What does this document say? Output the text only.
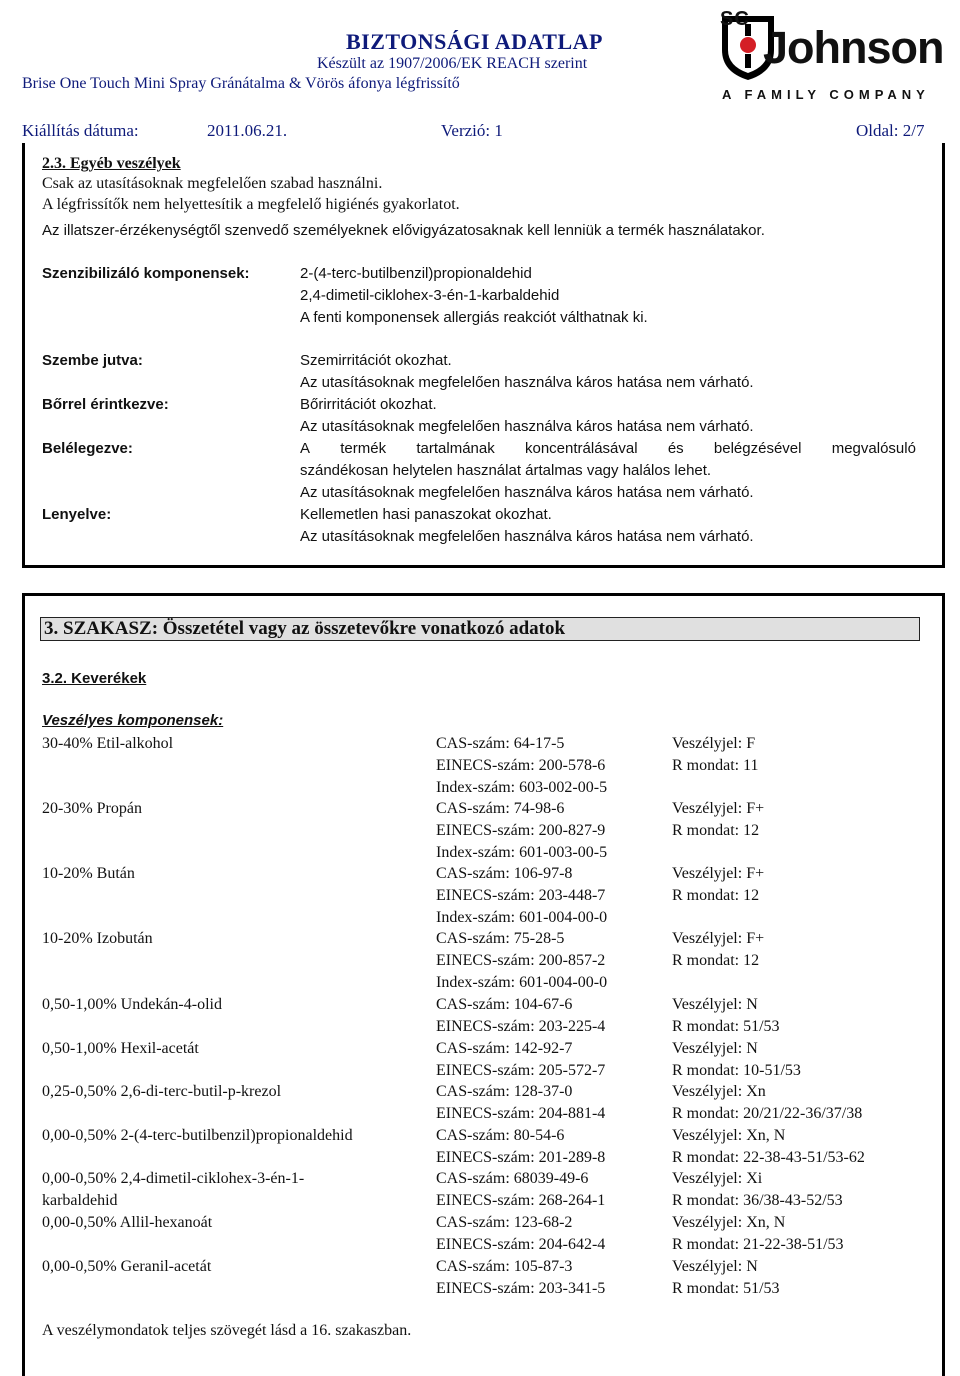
BIZTONSÁGI ADATLAP
Készült az 1907/2006/EK REACH szerint
Brise One Touch Mini Spray Gránátalma & Vörös áfonya légfrissítő
Kiállítás dátuma:	2011.06.21.	Verzió: 1	Oldal: 2/7
SC
Johnson
A FAMILY COMPANY
2.3. Egyéb veszélyek
Csak az utasításoknak megfelelően szabad használni.
A légfrissítők nem helyettesítik a megfelelő higiénés gyakorlatot.
Az illatszer-érzékenységtől szenvedő személyeknek elővigyázatosaknak kell lenniük a termék használatakor.
Szenzibilizáló komponensek:	2-(4-terc-butilbenzil)propionaldehid
2,4-dimetil-ciklohex-3-én-1-karbaldehid
A fenti komponensek allergiás reakciót válthatnak ki.
Szembe jutva:	Szemirritációt okozhat.
Az utasításoknak megfelelően használva káros hatása nem várható.
Bőrrel érintkezve:	Bőrirritációt okozhat.
Az utasításoknak megfelelően használva káros hatása nem várható.
Belélegezve:	A termék tartalmának koncentrálásával és belégzésével megvalósuló
szándékosan helytelen használat ártalmas vagy halálos lehet.
Az utasításoknak megfelelően használva káros hatása nem várható.
Lenyelve:	Kellemetlen hasi panaszokat okozhat.
Az utasításoknak megfelelően használva káros hatása nem várható.
3. SZAKASZ: Összetétel vagy az összetevőkre vonatkozó adatok
3.2. Keverékek
Veszélyes komponensek:
30-40% Etil-alkohol	CAS-szám: 64-17-5
EINECS-szám: 200-578-6
Index-szám: 603-002-00-5
Veszélyjel: F
R mondat: 11
20-30% Propán	CAS-szám: 74-98-6
EINECS-szám: 200-827-9
Index-szám: 601-003-00-5
Veszélyjel: F+
R mondat: 12
10-20% Bután	CAS-szám: 106-97-8
EINECS-szám: 203-448-7
Index-szám: 601-004-00-0
Veszélyjel: F+
R mondat: 12
10-20% Izobután	CAS-szám: 75-28-5
EINECS-szám: 200-857-2
Index-szám: 601-004-00-0
Veszélyjel: F+
R mondat: 12
0,50-1,00% Undekán-4-olid	CAS-szám: 104-67-6
EINECS-szám: 203-225-4
Veszélyjel: N
R mondat: 51/53
0,50-1,00% Hexil-acetát	CAS-szám: 142-92-7
EINECS-szám: 205-572-7
Veszélyjel: N
R mondat: 10-51/53
0,25-0,50% 2,6-di-terc-butil-p-krezol	CAS-szám: 128-37-0
EINECS-szám: 204-881-4
Veszélyjel: Xn
R mondat: 20/21/22-36/37/38
0,00-0,50% 2-(4-terc-butilbenzil)propionaldehid	CAS-szám: 80-54-6
EINECS-szám: 201-289-8
Veszélyjel: Xn, N
R mondat: 22-38-43-51/53-62
0,00-0,50% 2,4-dimetil-ciklohex-3-én-1-
karbaldehid
CAS-szám: 68039-49-6
EINECS-szám: 268-264-1
Veszélyjel: Xi
R mondat: 36/38-43-52/53
0,00-0,50% Allil-hexanoát	CAS-szám: 123-68-2
EINECS-szám: 204-642-4
Veszélyjel: Xn, N
R mondat: 21-22-38-51/53
0,00-0,50% Geranil-acetát	CAS-szám: 105-87-3
EINECS-szám: 203-341-5
Veszélyjel: N
R mondat: 51/53
A veszélymondatok teljes szövegét lásd a 16. szakaszban.
